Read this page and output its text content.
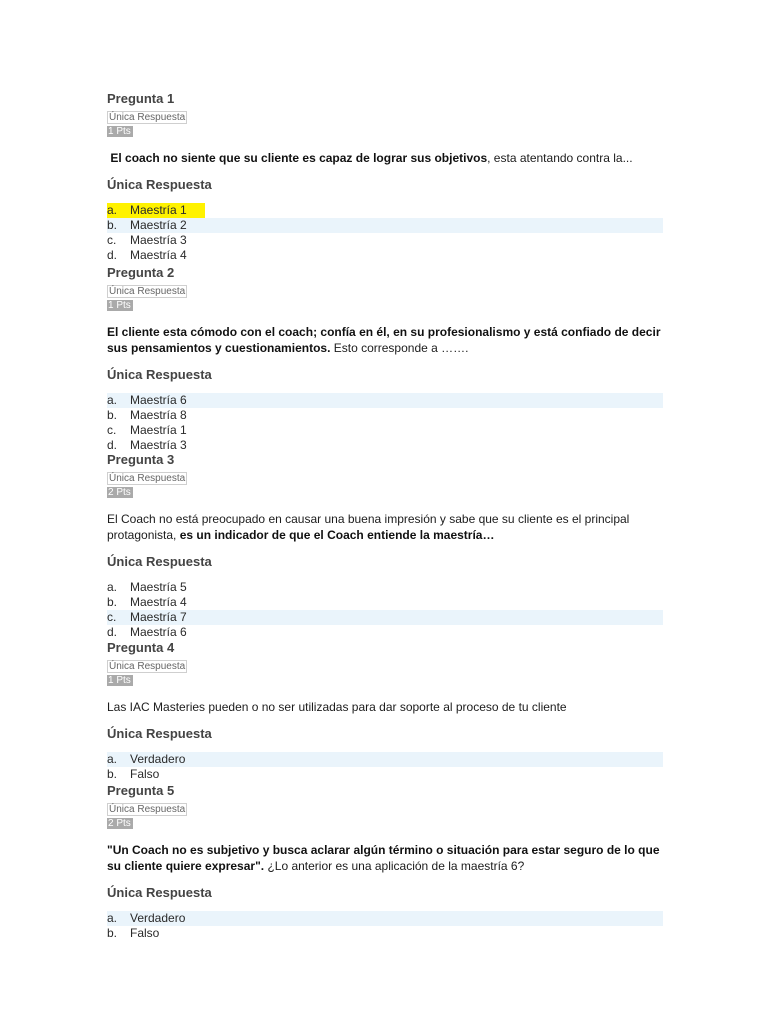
Pregunta 1
Única Respuesta
1 Pts
El coach no siente que su cliente es capaz de lograr sus objetivos, esta atentando contra la...
Única Respuesta
a. Maestría 1
b. Maestría 2
c. Maestría 3
d. Maestría 4
Pregunta 2
Única Respuesta
1 Pts
El cliente esta cómodo con el coach; confía en él, en su profesionalismo y está confiado de decir sus pensamientos y cuestionamientos. Esto corresponde a …….
Única Respuesta
a. Maestría 6
b. Maestría 8
c. Maestría 1
d. Maestría 3
Pregunta 3
Única Respuesta
2 Pts
El Coach no está preocupado en causar una buena impresión y sabe que su cliente es el principal protagonista, es un indicador de que el Coach entiende la maestría…
Única Respuesta
a. Maestría 5
b. Maestría 4
c. Maestría 7
d. Maestría 6
Pregunta 4
Única Respuesta
1 Pts
Las IAC Masteries pueden o no ser utilizadas para dar soporte al proceso de tu cliente
Única Respuesta
a. Verdadero
b. Falso
Pregunta 5
Única Respuesta
2 Pts
"Un Coach no es subjetivo y busca aclarar algún término o situación para estar seguro de lo que su cliente quiere expresar". ¿Lo anterior es una aplicación de la maestría 6?
Única Respuesta
a. Verdadero
b. Falso
